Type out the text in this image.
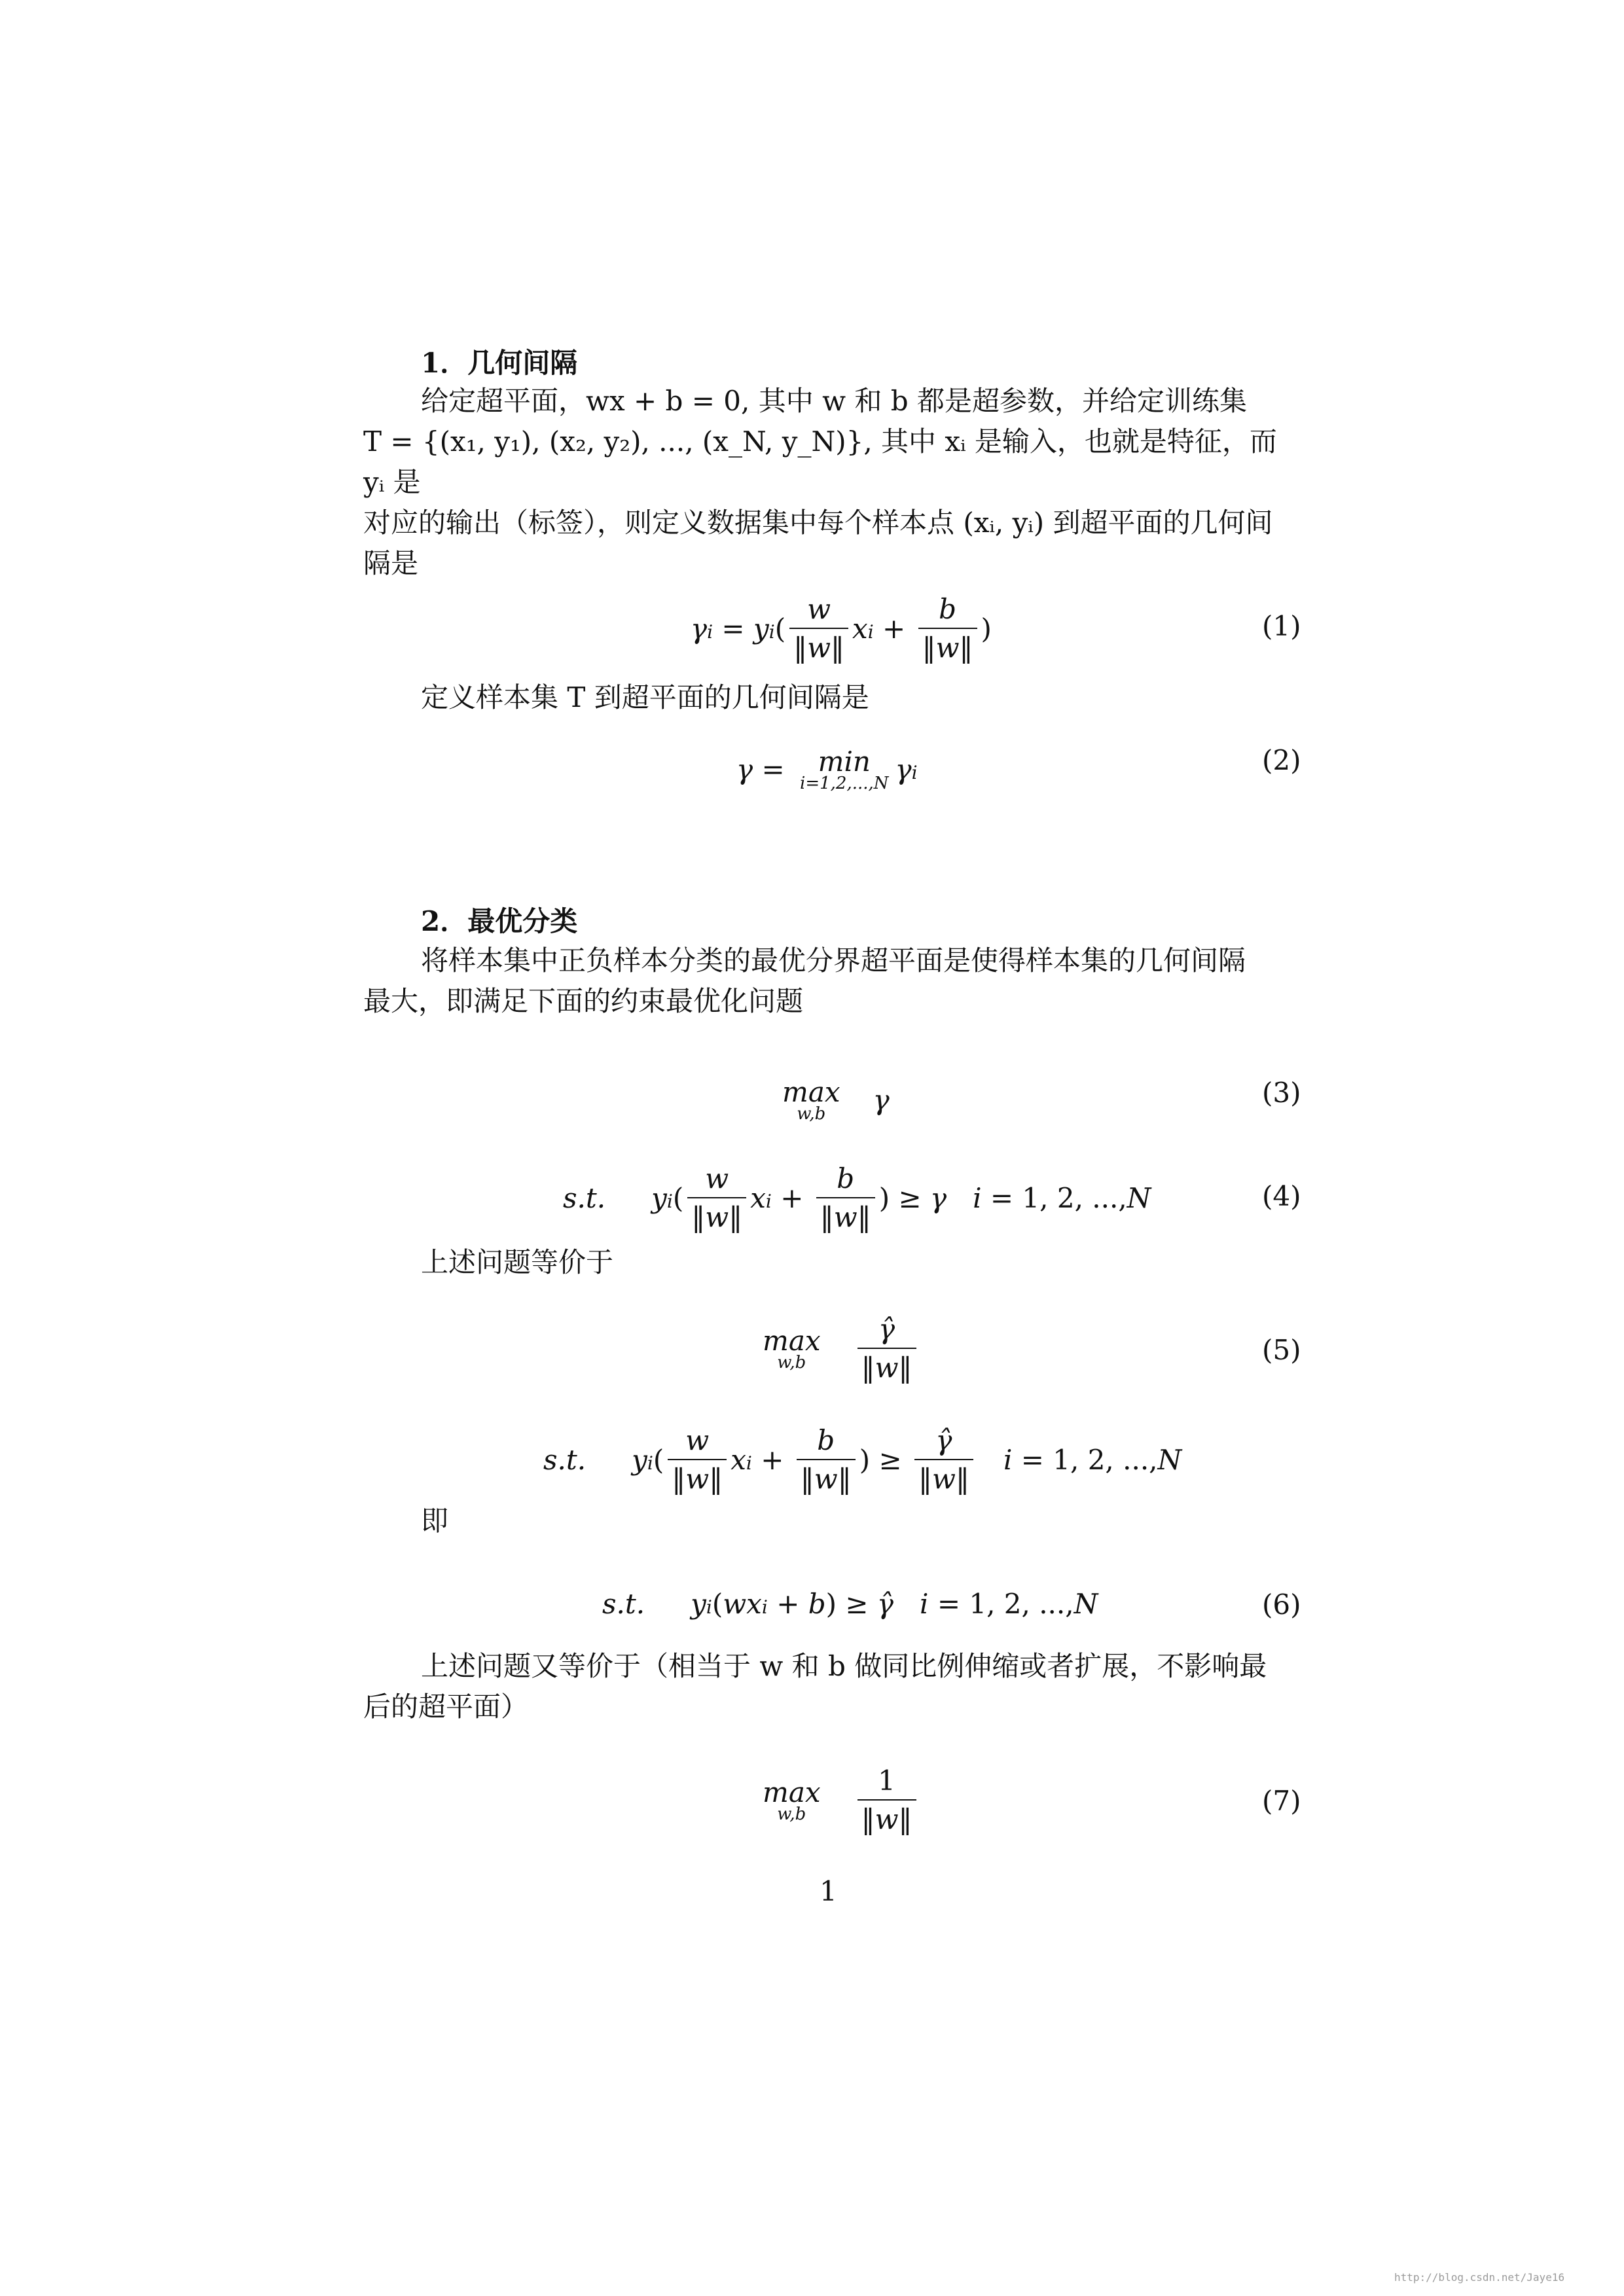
1．几何间隔
给定超平面，wx + b = 0, 其中 w 和 b 都是超参数，并给定训练集
T = {(x₁, y₁), (x₂, y₂), ..., (x_N, y_N)}, 其中 xᵢ 是输入，也就是特征，而 yᵢ 是
对应的输出（标签），则定义数据集中每个样本点 (xᵢ, yᵢ) 到超平面的几何间
隔是
γi = yi ( $\frac{w}{‖w‖}$ xi + $\frac{b}{‖w‖}$ )	(1)
定义样本集 T 到超平面的几何间隔是
γ = min
i=1,2,...,N γi	(2)
2．最优分类
将样本集中正负样本分类的最优分界超平面是使得样本集的几何间隔
最大，即满足下面的约束最优化问题
max
w,b γ	(3)
s.t. yi ( $\frac{w}{‖w‖}$ xi + $\frac{b}{‖w‖}$ ) ≥ γ i = 1, 2, ..., N	(4)
上述问题等价于
max
$w,b \frac{\gammâ}{‖w‖}$	(5)
s.t. yi ( $\frac{w}{‖w‖}$ xi + $\frac{b}{‖w‖}$ ) ≥ $\frac{\gammâ}{‖w‖}$ i = 1, 2, ..., N
即
s.t. yi ( wxi + b ) ≥ γ̂ i = 1, 2, ..., N	(6)
上述问题又等价于（相当于 w 和 b 做同比例伸缩或者扩展，不影响最
后的超平面）
max
$w,b \frac{1}{‖w‖}$	(7)
1
http://blog.csdn.net/Jaye16
